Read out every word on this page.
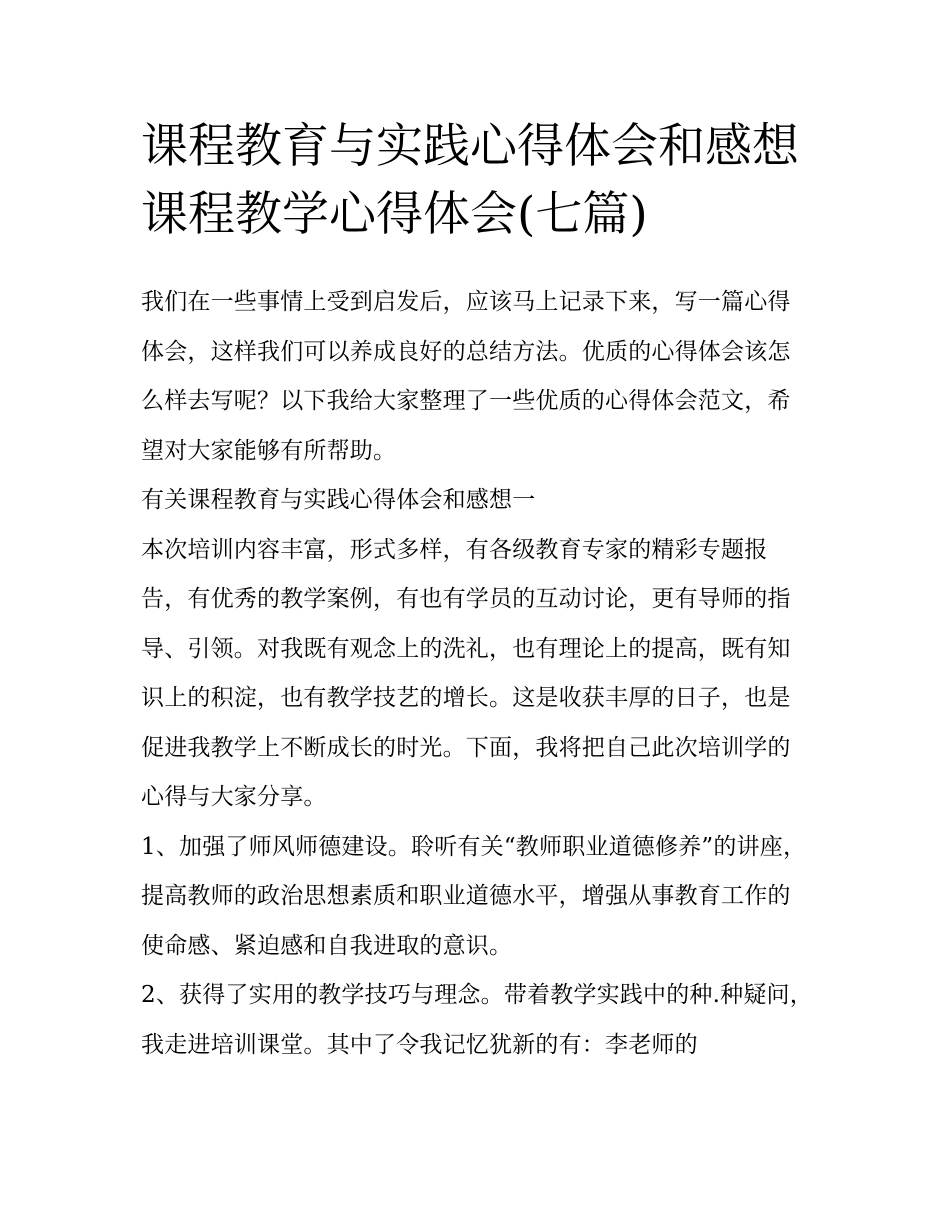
课程教育与实践心得体会和感想 课程教学心得体会(七篇)

我们在一些事情上受到启发后，应该马上记录下来，写一篇心得体会，这样我们可以养成良好的总结方法。优质的心得体会该怎么样去写呢？以下我给大家整理了一些优质的心得体会范文，希望对大家能够有所帮助。

有关课程教育与实践心得体会和感想一

本次培训内容丰富，形式多样，有各级教育专家的精彩专题报告，有优秀的教学案例，有也有学员的互动讨论，更有导师的指导、引领。对我既有观念上的洗礼，也有理论上的提高，既有知识上的积淀，也有教学技艺的增长。这是收获丰厚的日子，也是促进我教学上不断成长的时光。下面，我将把自己此次培训学的心得与大家分享。

1、加强了师风师德建设。聆听有关“教师职业道德修养”的讲座，提高教师的政治思想素质和职业道德水平，增强从事教育工作的使命感、紧迫感和自我进取的意识。

2、获得了实用的教学技巧与理念。带着教学实践中的种.种疑问，我走进培训课堂。其中了令我记忆犹新的有：李老师的
